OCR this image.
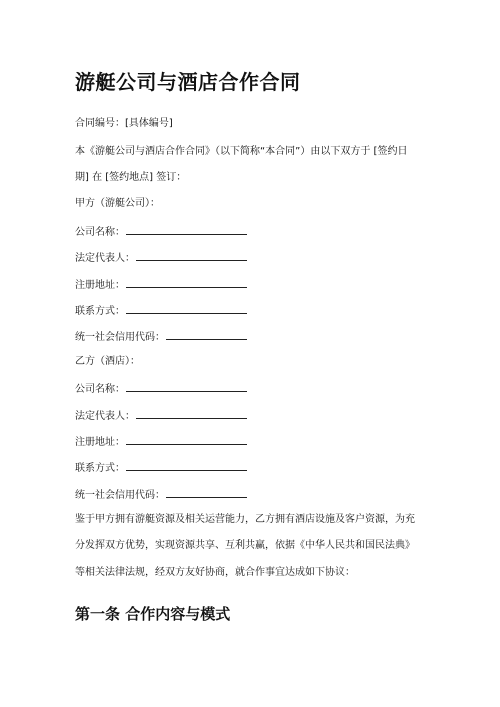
游艇公司与酒店合作合同
合同编号：[具体编号]
本《游艇公司与酒店合作合同》（以下简称“本合同”）由以下双方于 [签约日
期] 在 [签约地点] 签订：
甲方（游艇公司）：
公司名称：
法定代表人：
注册地址：
联系方式：
统一社会信用代码：
乙方（酒店）：
公司名称：
法定代表人：
注册地址：
联系方式：
统一社会信用代码：
鉴于甲方拥有游艇资源及相关运营能力，乙方拥有酒店设施及客户资源，为充
分发挥双方优势，实现资源共享、互利共赢，依据《中华人民共和国民法典》
等相关法律法规，经双方友好协商，就合作事宜达成如下协议：
第一条 合作内容与模式
